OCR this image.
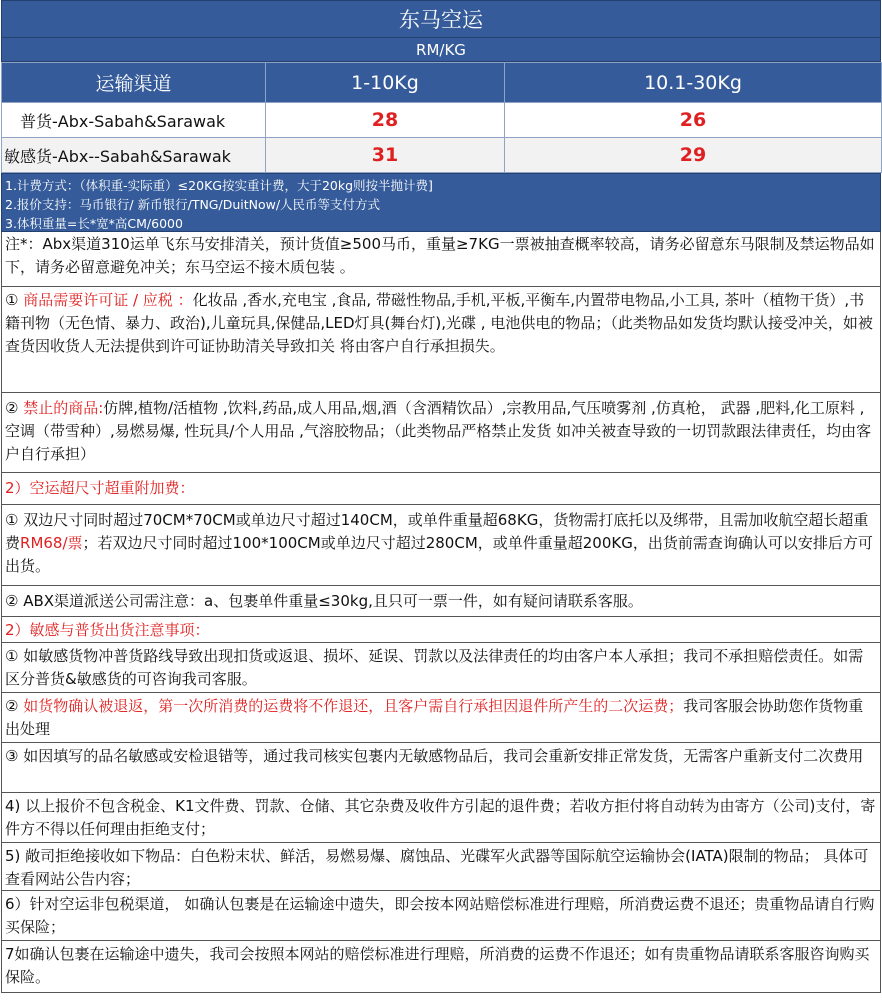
东马空运
RM/KG
运输渠道	1-10Kg	10.1-30Kg
普货-Abx-Sabah&Sarawak	28	26
敏感货-Abx--Sabah&Sarawak	31	29
1.计费方式：（体积重-实际重）≤20KG按实重计费，大于20kg则按半抛计费]
2.报价支持：马币银行/ 新币银行/TNG/DuitNow/人民币等支付方式
3.体积重量=长*宽*高CM/6000
注*：Abx渠道310运单飞东马安排清关，预计货值≥500马币，重量≥7KG一票被抽查概率较高，请务必留意东马限制及禁运物品如下，请务必留意避免冲关；东马空运不接木质包装 。
① 商品需要许可证 / 应税 ：化妆品 ,香水,充电宝 ,食品, 带磁性物品,手机,平板,平衡车,内置带电物品,小工具, 茶叶（植物干货）,书籍刊物（无色情、暴力、政治),儿童玩具,保健品,LED灯具(舞台灯),光碟 , 电池供电的物品；（此类物品如发货均默认接受冲关，如被查货因收货人无法提供到许可证协助清关导致扣关 将由客户自行承担损失。
② 禁止的商品:仿牌,植物/活植物 ,饮料,药品,成人用品,烟,酒（含酒精饮品）,宗教用品,气压喷雾剂 ,仿真枪， 武器 ,肥料,化工原料 ,空调（带雪种）,易燃易爆, 性玩具/个人用品 ,气溶胶物品；（此类物品严格禁止发货 如冲关被查导致的一切罚款跟法律责任，均由客户自行承担）
2）空运超尺寸超重附加费：
① 双边尺寸同时超过70CM*70CM或单边尺寸超过140CM，或单件重量超68KG，货物需打底托以及绑带，且需加收航空超长超重费RM68/票；若双边尺寸同时超过100*100CM或单边尺寸超过280CM，或单件重量超200KG，出货前需查询确认可以安排后方可出货。
② ABX渠道派送公司需注意：a、包裹单件重量≤30kg,且只可一票一件，如有疑问请联系客服。
2）敏感与普货出货注意事项：
① 如敏感货物冲普货路线导致出现扣货或返退、损坏、延误、罚款以及法律责任的均由客户本人承担；我司不承担赔偿责任。如需区分普货&敏感货的可咨询我司客服。
② 如货物确认被退返，第一次所消费的运费将不作退还，且客户需自行承担因退件所产生的二次运费；我司客服会协助您作货物重出处理
③ 如因填写的品名敏感或安检退错等，通过我司核实包裹内无敏感物品后，我司会重新安排正常发货，无需客户重新支付二次费用
4) 以上报价不包含税金、K1文件费、罚款、仓储、其它杂费及收件方引起的退件费；若收方拒付将自动转为由寄方（公司)支付，寄件方不得以任何理由拒绝支付；
5) 敞司拒绝接收如下物品：白色粉末状、鲜活，易燃易爆、腐蚀品、光碟军火武器等国际航空运输协会(IATA)限制的物品； 具体可查看网站公告内容；
6）针对空运非包税渠道， 如确认包裹是在运输途中遗失，即会按本网站赔偿标准进行理赔，所消费运费不退还；贵重物品请自行购买保险；
7如确认包裹在运输途中遗失，我司会按照本网站的赔偿标准进行理赔，所消费的运费不作退还；如有贵重物品请联系客服咨询购买保险。
